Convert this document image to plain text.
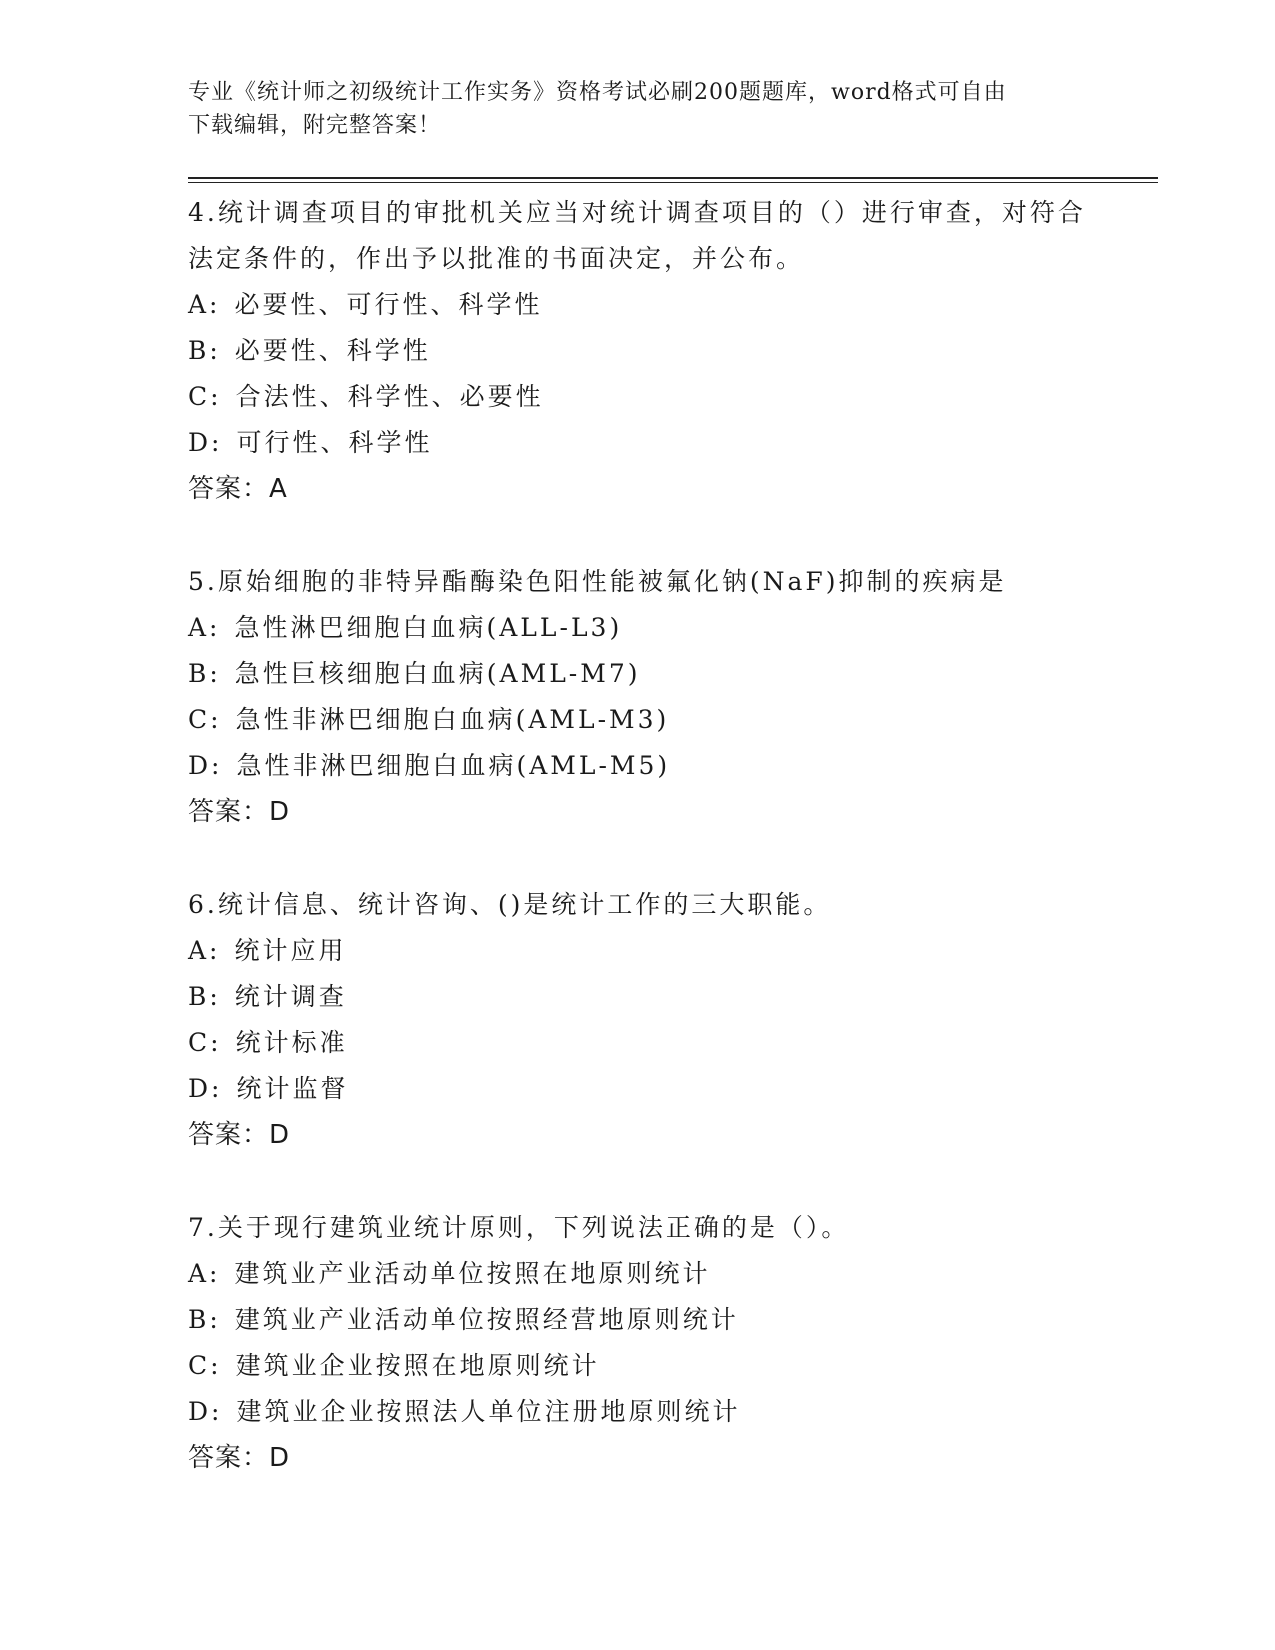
专业《统计师之初级统计工作实务》资格考试必刷200题题库，word格式可自由
下载编辑，附完整答案！

4.统计调查项目的审批机关应当对统计调查项目的（）进行审查，对符合法定条件的，作出予以批准的书面决定，并公布。

A: 必要性、可行性、科学性

B: 必要性、科学性

C: 合法性、科学性、必要性

D: 可行性、科学性

答案：A

5.原始细胞的非特异酯酶染色阳性能被氟化钠(NaF)抑制的疾病是

A: 急性淋巴细胞白血病(ALL-L3)

B: 急性巨核细胞白血病(AML-M7)

C: 急性非淋巴细胞白血病(AML-M3)

D: 急性非淋巴细胞白血病(AML-M5)

答案：D

6.统计信息、统计咨询、()是统计工作的三大职能。

A: 统计应用

B: 统计调查

C: 统计标准

D: 统计监督

答案：D

7.关于现行建筑业统计原则，下列说法正确的是（）。

A: 建筑业产业活动单位按照在地原则统计

B: 建筑业产业活动单位按照经营地原则统计

C: 建筑业企业按照在地原则统计

D: 建筑业企业按照法人单位注册地原则统计

答案：D
